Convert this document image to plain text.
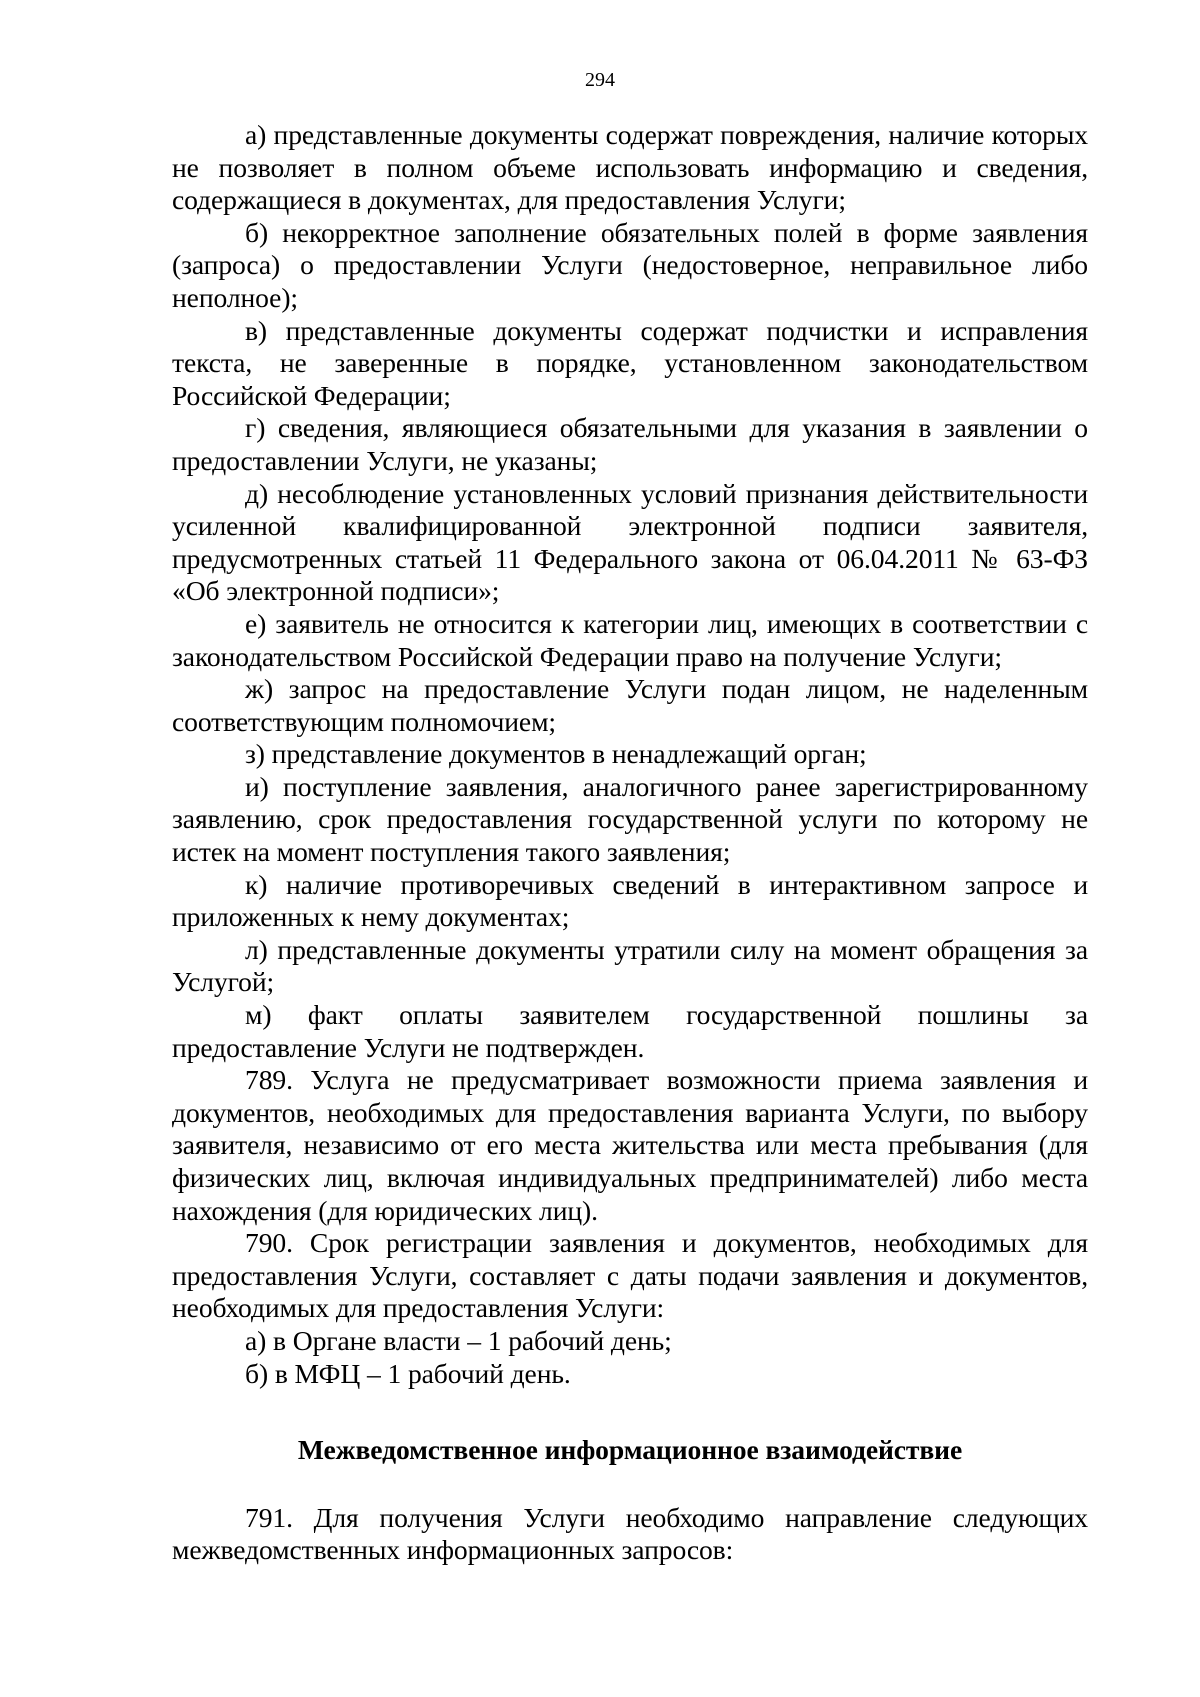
294

а) представленные документы содержат повреждения, наличие которых не позволяет в полном объеме использовать информацию и сведения, содержащиеся в документах, для предоставления Услуги;

б) некорректное заполнение обязательных полей в форме заявления (запроса) о предоставлении Услуги (недостоверное, неправильное либо неполное);

в) представленные документы содержат подчистки и исправления текста, не заверенные в порядке, установленном законодательством Российской Федерации;

г) сведения, являющиеся обязательными для указания в заявлении о предоставлении Услуги, не указаны;

д) несоблюдение установленных условий признания действительности усиленной квалифицированной электронной подписи заявителя, предусмотренных статьей 11 Федерального закона от 06.04.2011 № 63-ФЗ «Об электронной подписи»;

е) заявитель не относится к категории лиц, имеющих в соответствии с законодательством Российской Федерации право на получение Услуги;

ж) запрос на предоставление Услуги подан лицом, не наделенным соответствующим полномочием;

з) представление документов в ненадлежащий орган;

и) поступление заявления, аналогичного ранее зарегистрированному заявлению, срок предоставления государственной услуги по которому не истек на момент поступления такого заявления;

к) наличие противоречивых сведений в интерактивном запросе и приложенных к нему документах;

л) представленные документы утратили силу на момент обращения за Услугой;

м) факт оплаты заявителем государственной пошлины за предоставление Услуги не подтвержден.

789. Услуга не предусматривает возможности приема заявления и документов, необходимых для предоставления варианта Услуги, по выбору заявителя, независимо от его места жительства или места пребывания (для физических лиц, включая индивидуальных предпринимателей) либо места нахождения (для юридических лиц).

790. Срок регистрации заявления и документов, необходимых для предоставления Услуги, составляет с даты подачи заявления и документов, необходимых для предоставления Услуги:

а) в Органе власти – 1 рабочий день;

б) в МФЦ – 1 рабочий день.

Межведомственное информационное взаимодействие

791. Для получения Услуги необходимо направление следующих межведомственных информационных запросов:
